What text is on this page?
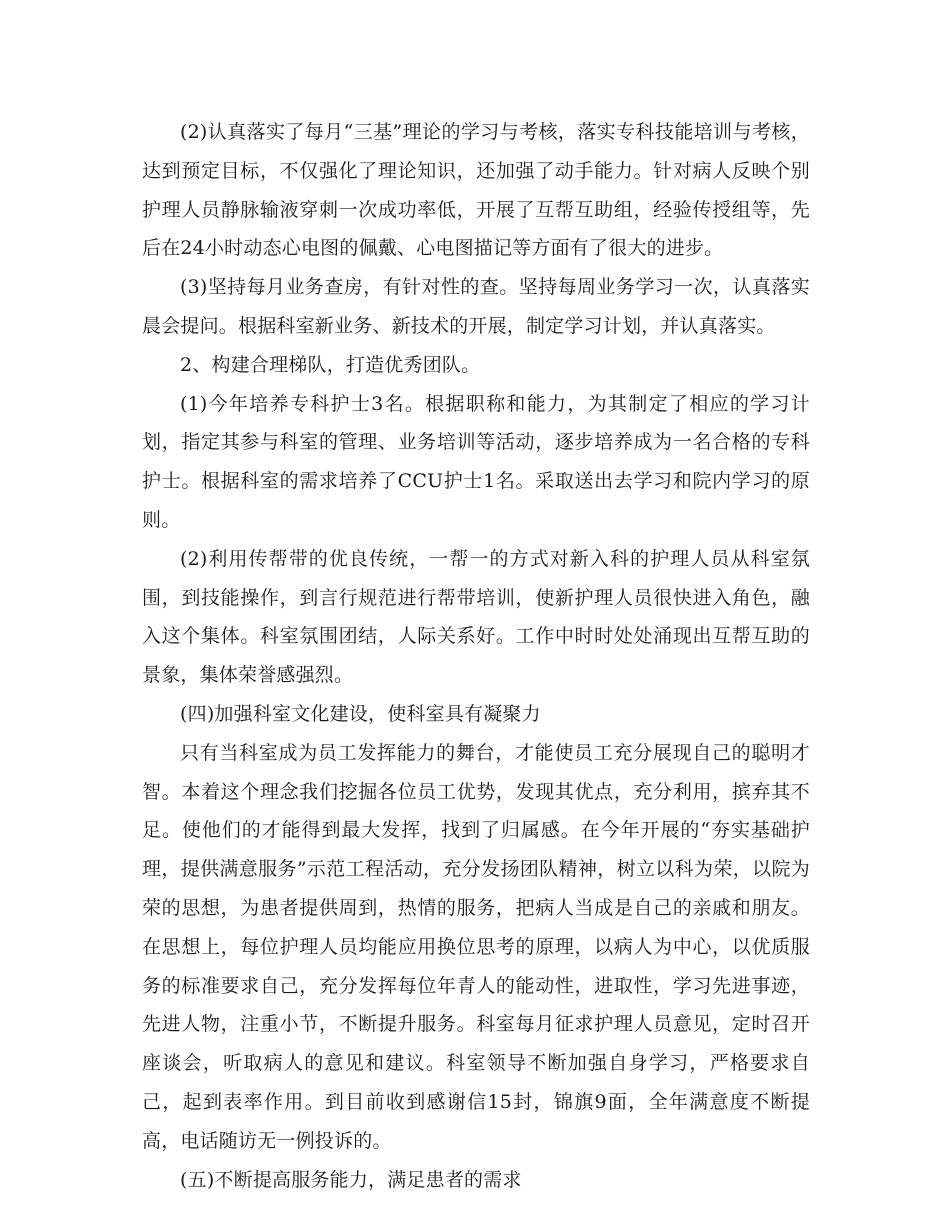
(2)认真落实了每月“三基”理论的学习与考核，落实专科技能培训与考核，达到预定目标，不仅强化了理论知识，还加强了动手能力。针对病人反映个别护理人员静脉输液穿刺一次成功率低，开展了互帮互助组，经验传授组等，先后在24小时动态心电图的佩戴、心电图描记等方面有了很大的进步。

(3)坚持每月业务查房，有针对性的查。坚持每周业务学习一次，认真落实晨会提问。根据科室新业务、新技术的开展，制定学习计划，并认真落实。

2、构建合理梯队，打造优秀团队。

(1)今年培养专科护士3名。根据职称和能力，为其制定了相应的学习计划，指定其参与科室的管理、业务培训等活动，逐步培养成为一名合格的专科护士。根据科室的需求培养了CCU护士1名。采取送出去学习和院内学习的原则。

(2)利用传帮带的优良传统，一帮一的方式对新入科的护理人员从科室氛围，到技能操作，到言行规范进行帮带培训，使新护理人员很快进入角色，融入这个集体。科室氛围团结，人际关系好。工作中时时处处涌现出互帮互助的景象，集体荣誉感强烈。

(四)加强科室文化建设，使科室具有凝聚力

只有当科室成为员工发挥能力的舞台，才能使员工充分展现自己的聪明才智。本着这个理念我们挖掘各位员工优势，发现其优点，充分利用，摈弃其不足。使他们的才能得到最大发挥，找到了归属感。在今年开展的“夯实基础护理，提供满意服务”示范工程活动，充分发扬团队精神，树立以科为荣，以院为荣的思想，为患者提供周到，热情的服务，把病人当成是自己的亲戚和朋友。在思想上，每位护理人员均能应用换位思考的原理，以病人为中心，以优质服务的标准要求自己，充分发挥每位年青人的能动性，进取性，学习先进事迹，先进人物，注重小节，不断提升服务。科室每月征求护理人员意见，定时召开座谈会，听取病人的意见和建议。科室领导不断加强自身学习，严格要求自己，起到表率作用。到目前收到感谢信15封，锦旗9面，全年满意度不断提高，电话随访无一例投诉的。

(五)不断提高服务能力，满足患者的需求
